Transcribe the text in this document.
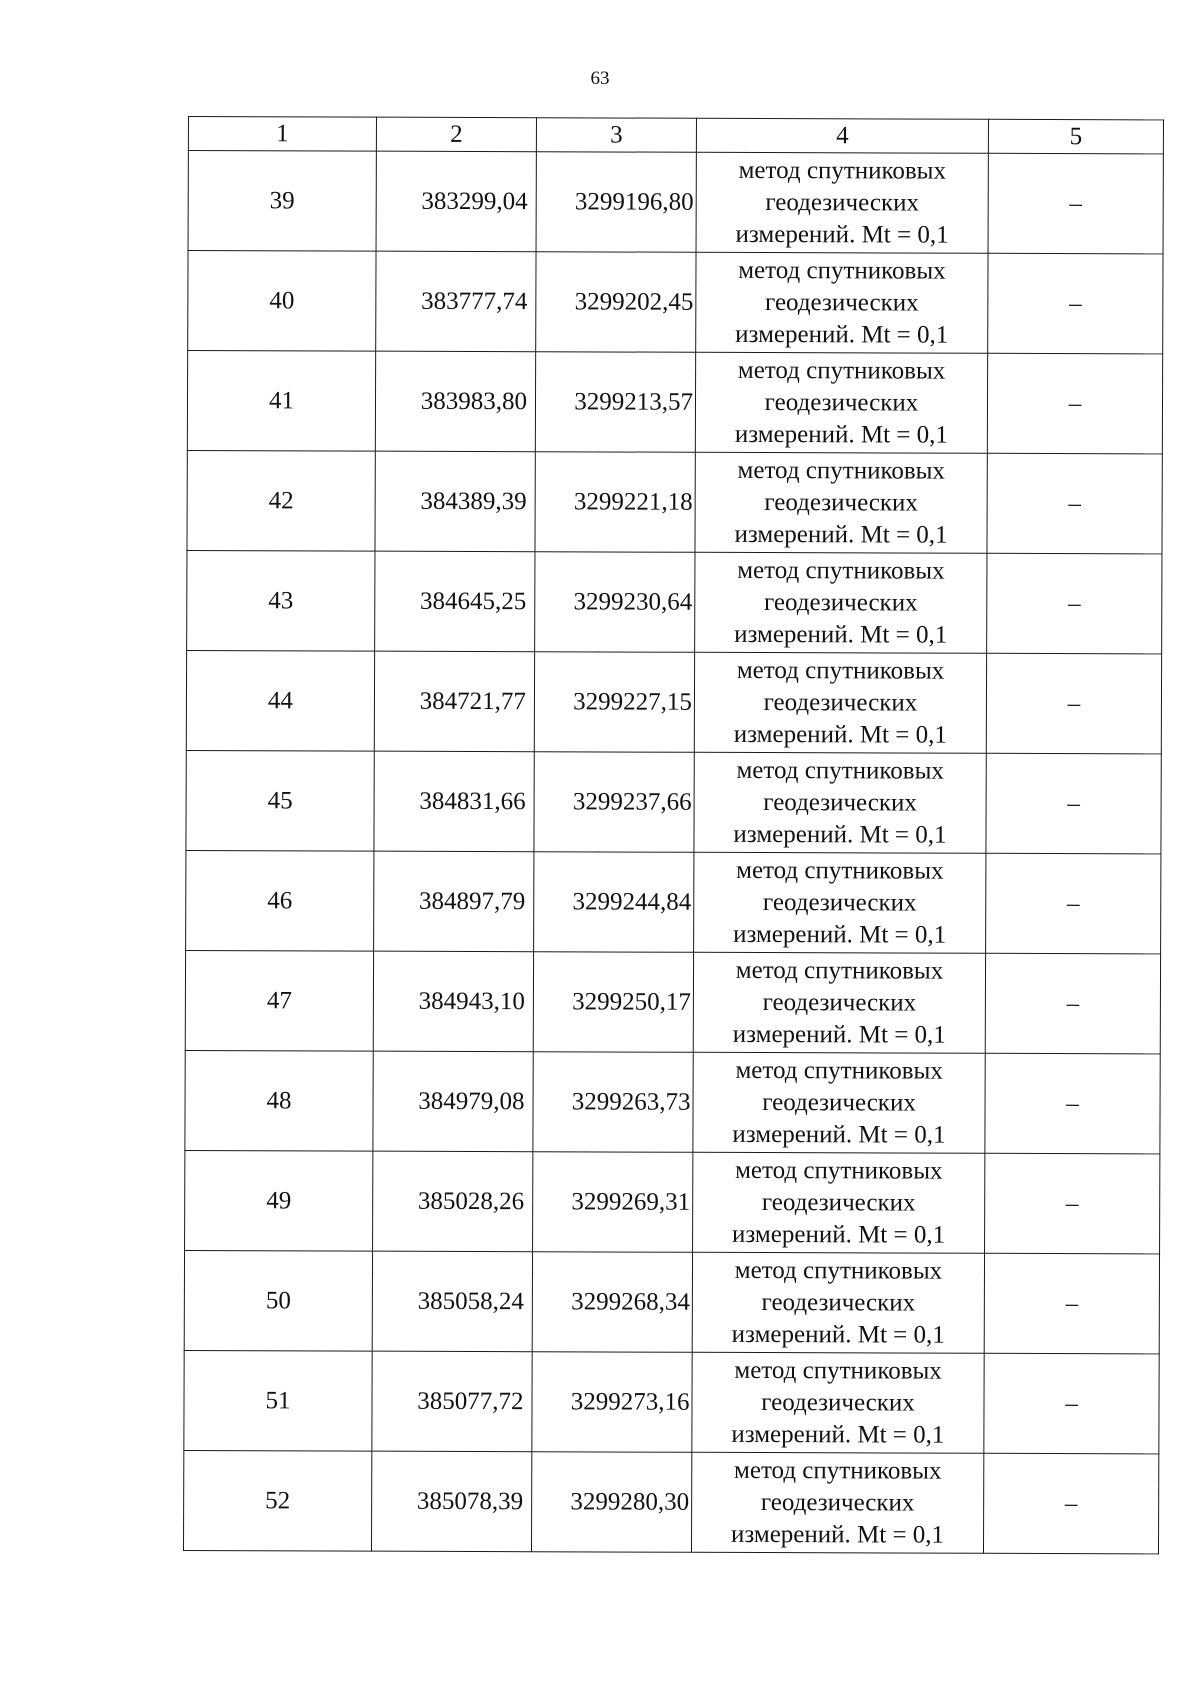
63
1	2	3	4	5
39	383299,04	3299196,80	метод спутниковых
геодезических
измерений. Mt = 0,1	–
40	383777,74	3299202,45	метод спутниковых
геодезических
измерений. Mt = 0,1	–
41	383983,80	3299213,57	метод спутниковых
геодезических
измерений. Mt = 0,1	–
42	384389,39	3299221,18	метод спутниковых
геодезических
измерений. Mt = 0,1	–
43	384645,25	3299230,64	метод спутниковых
геодезических
измерений. Mt = 0,1	–
44	384721,77	3299227,15	метод спутниковых
геодезических
измерений. Mt = 0,1	–
45	384831,66	3299237,66	метод спутниковых
геодезических
измерений. Mt = 0,1	–
46	384897,79	3299244,84	метод спутниковых
геодезических
измерений. Mt = 0,1	–
47	384943,10	3299250,17	метод спутниковых
геодезических
измерений. Mt = 0,1	–
48	384979,08	3299263,73	метод спутниковых
геодезических
измерений. Mt = 0,1	–
49	385028,26	3299269,31	метод спутниковых
геодезических
измерений. Mt = 0,1	–
50	385058,24	3299268,34	метод спутниковых
геодезических
измерений. Mt = 0,1	–
51	385077,72	3299273,16	метод спутниковых
геодезических
измерений. Mt = 0,1	–
52	385078,39	3299280,30	метод спутниковых
геодезических
измерений. Mt = 0,1	–
